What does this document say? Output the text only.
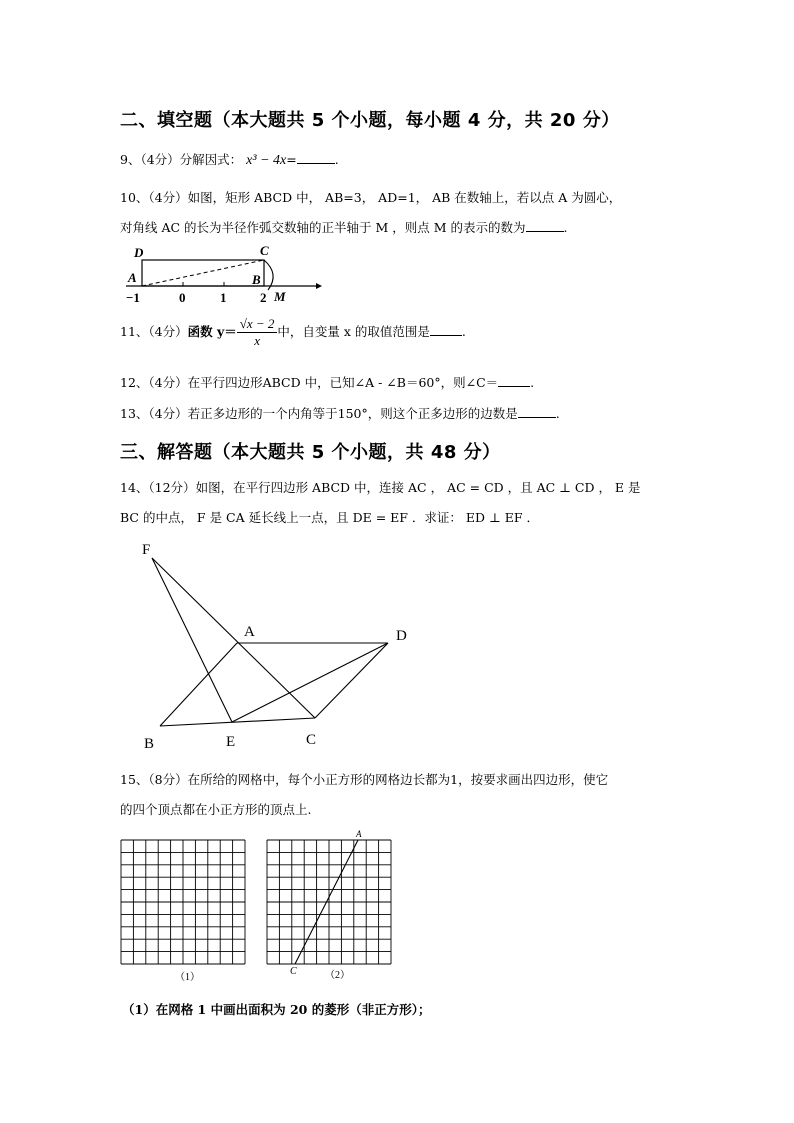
二、填空题（本大题共 5 个小题，每小题 4 分，共 20 分）
9、（4分）分解因式： x³ − 4x=	.
10、（4分）如图，矩形 ABCD 中， AB=3， AD=1， AB 在数轴上，若以点 A 为圆心，
对角线 AC 的长为半径作弧交数轴的正半轴于 M ，则点 M 的表示的数为	.
D	C
A	B
M
−1	0	1	2
11、（4分）函数 $y= \frac{√x - 2}{x}$ 中，自变量 x 的取值范围是	.
12、（4分）在平行四边形ABCD 中，已知∠A - ∠B＝60°，则∠C＝	.
13、（4分）若正多边形的一个内角等于150°，则这个正多边形的边数是	.
三、解答题（本大题共 5 个小题，共 48 分）
14、（12分）如图，在平行四边形 ABCD 中，连接 AC ， AC = CD ，且 AC ⊥ CD ， E 是
BC 的中点， F 是 CA 延长线上一点，且 DE = EF ．求证： ED ⊥ EF ．
F
A	D
B	E	C
15、（8分）在所给的网格中，每个小正方形的网格边长都为1，按要求画出四边形，使它
的四个顶点都在小正方形的顶点上.
（1）
A
C	（2）
（1）在网格 1 中画出面积为 20 的菱形（非正方形）；
